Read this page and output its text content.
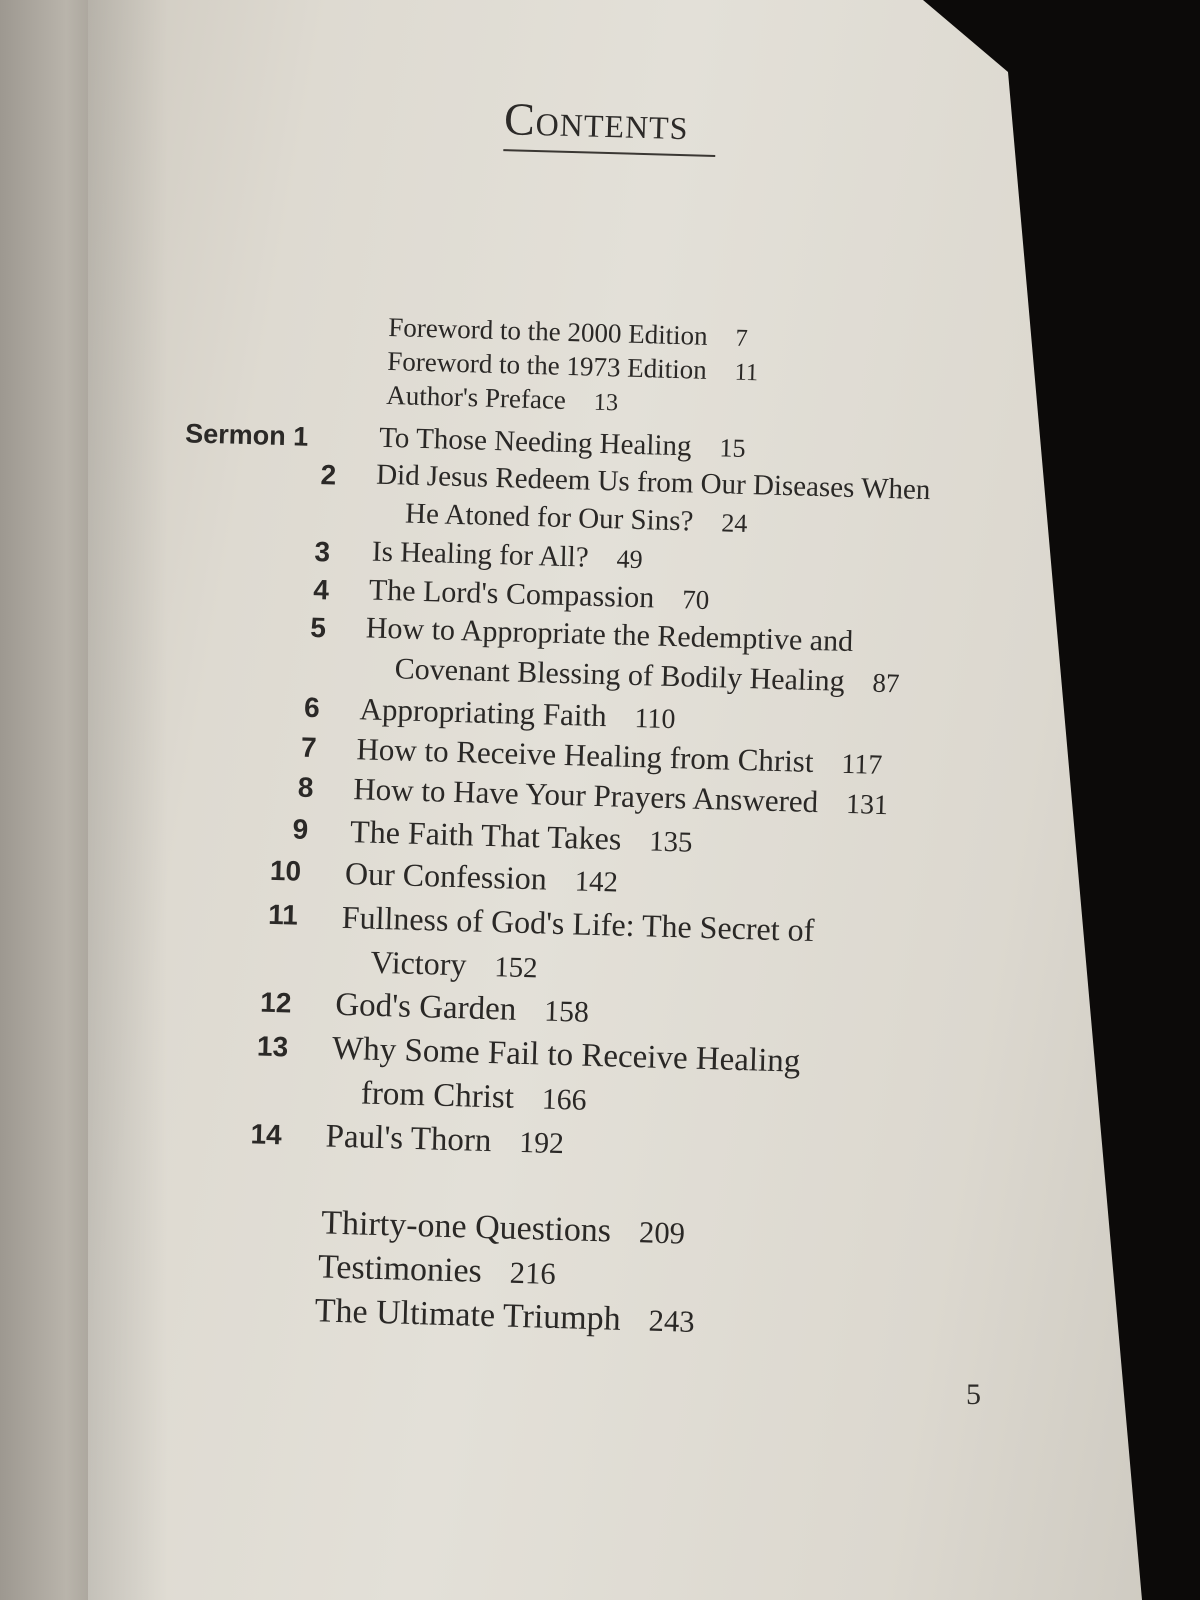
Contents
Foreword to the 2000 Edition 7
Foreword to the 1973 Edition 11
Author's Preface 13
Sermon 1 To Those Needing Healing 15
2 Did Jesus Redeem Us from Our Diseases When
He Atoned for Our Sins? 24
3 Is Healing for All? 49
4 The Lord's Compassion 70
5 How to Appropriate the Redemptive and
Covenant Blessing of Bodily Healing 87
6 Appropriating Faith 110
7 How to Receive Healing from Christ 117
8 How to Have Your Prayers Answered 131
9 The Faith That Takes 135
10 Our Confession 142
11 Fullness of God's Life: The Secret of
Victory 152
12 God's Garden 158
13 Why Some Fail to Receive Healing
from Christ 166
14 Paul's Thorn 192
Thirty-one Questions 209
Testimonies 216
The Ultimate Triumph 243
5
